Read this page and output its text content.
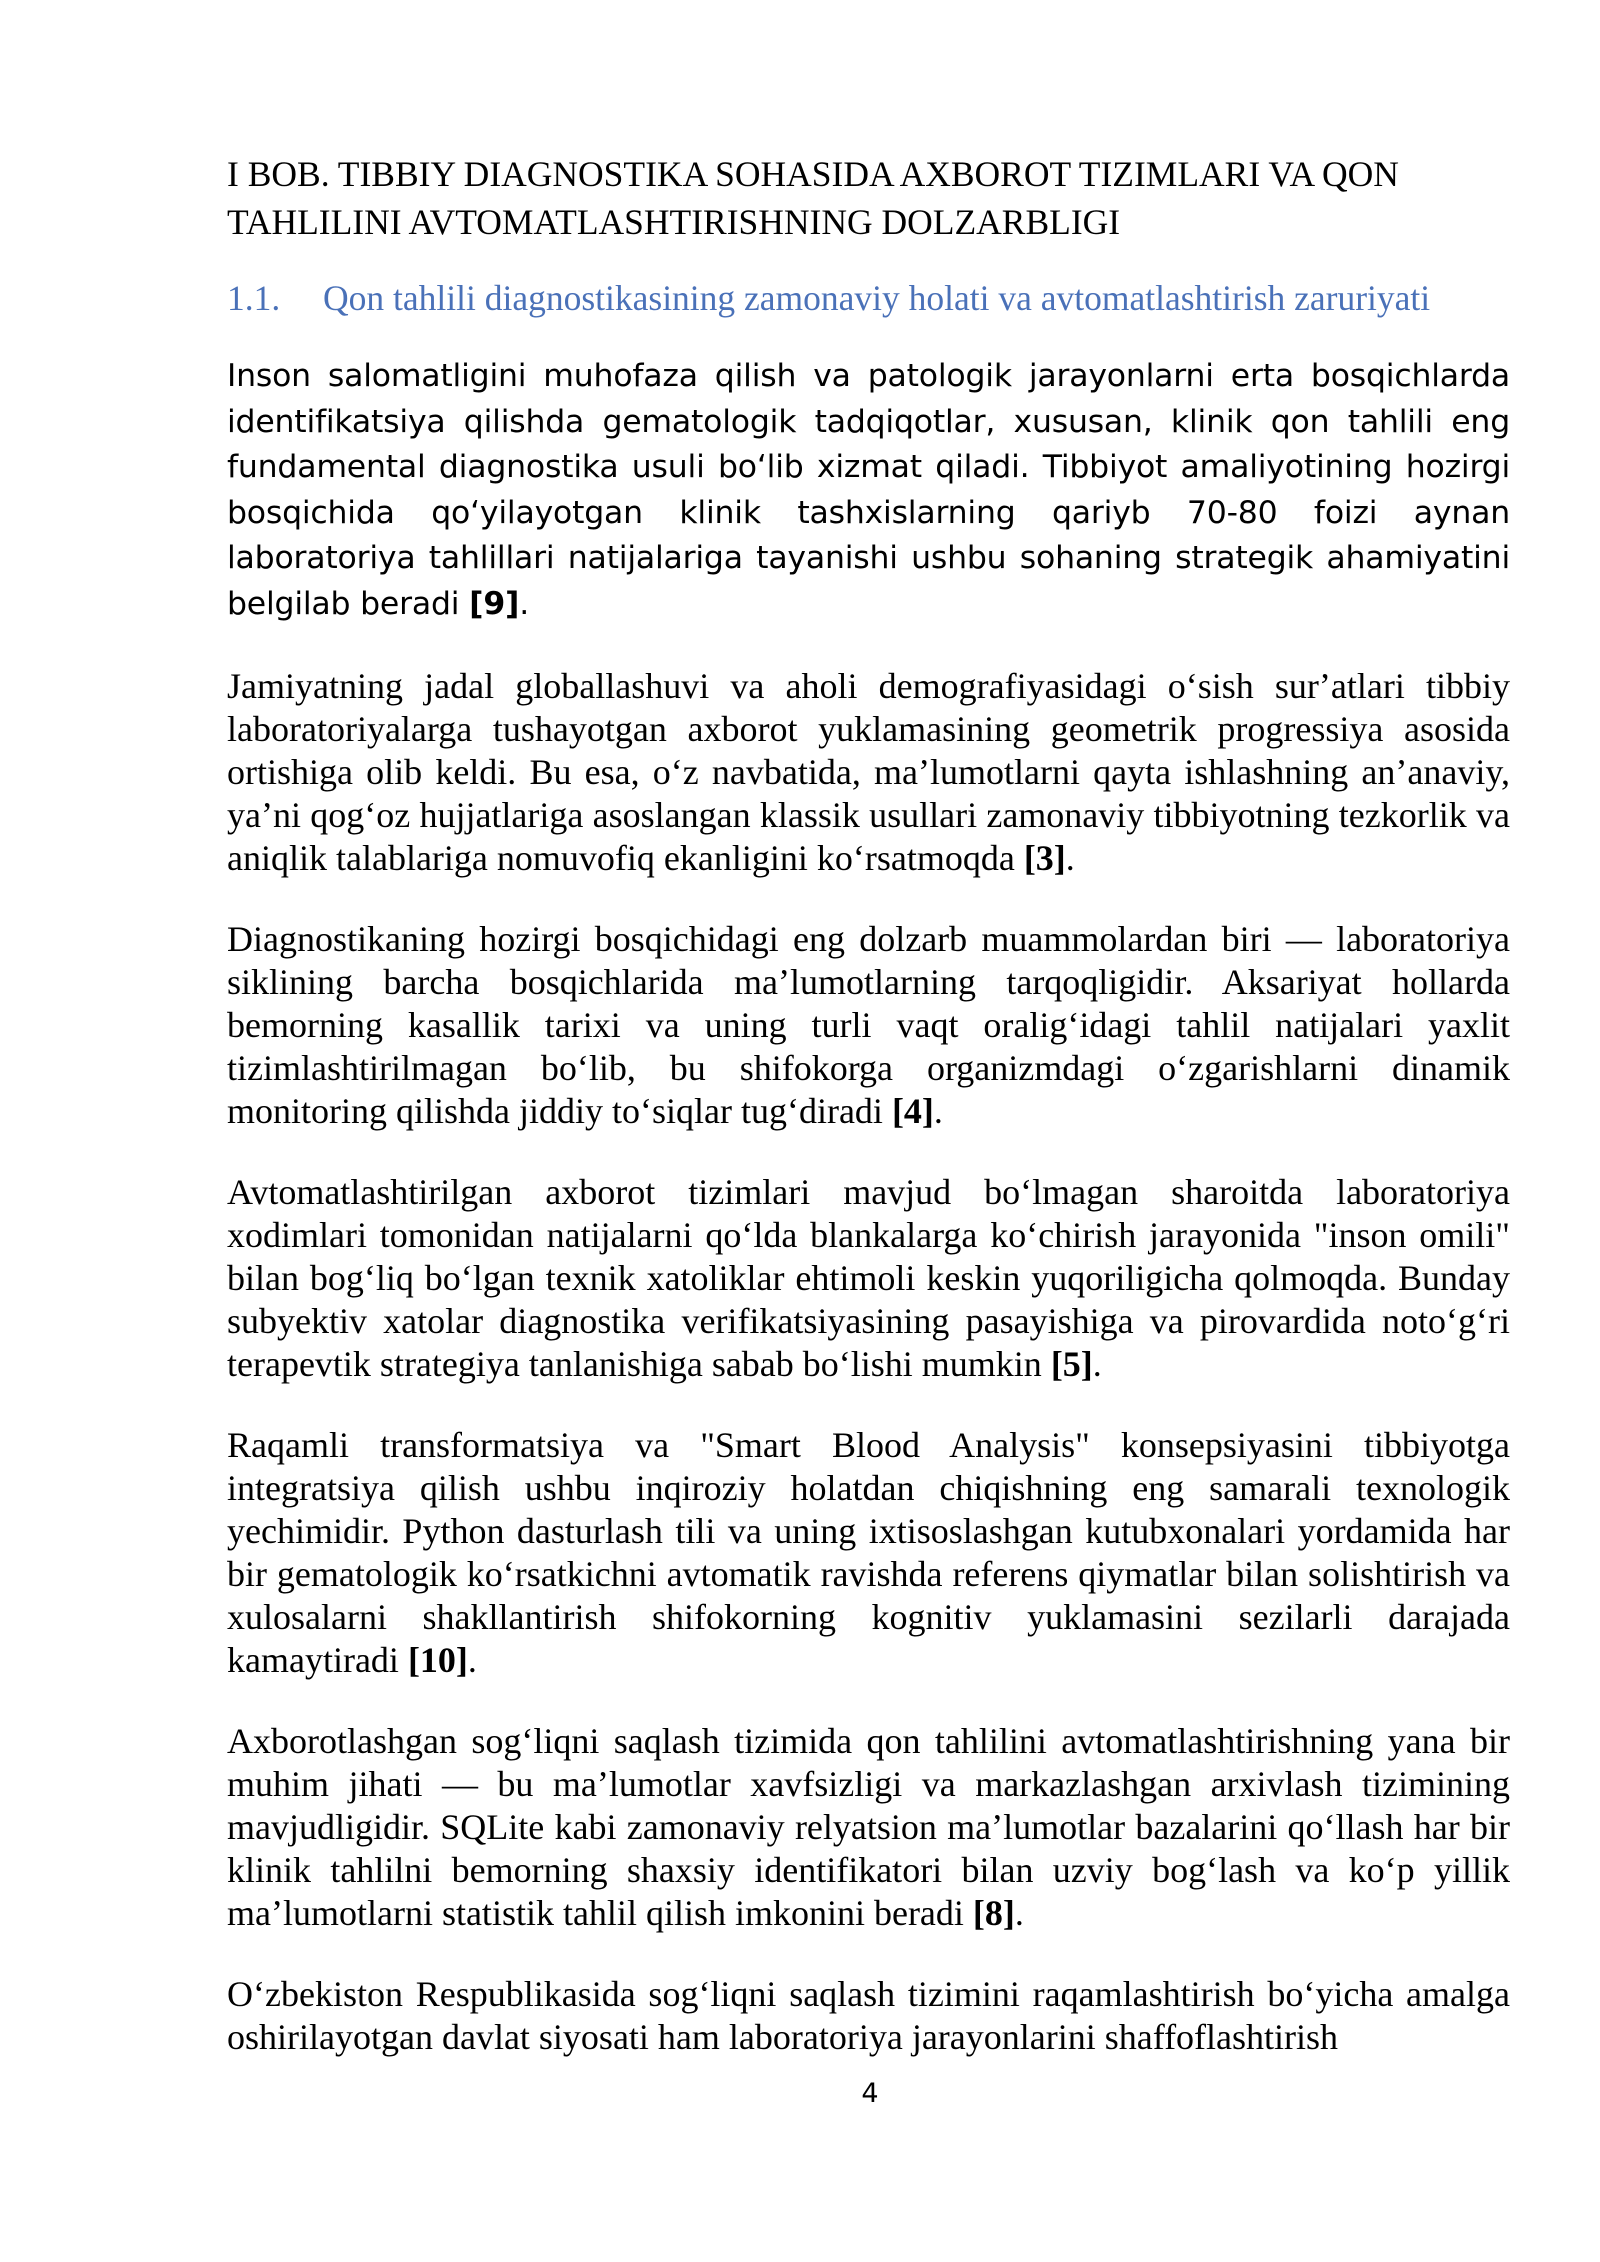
I BOB. TIBBIY DIAGNOSTIKA SOHASIDA AXBOROT TIZIMLARI VA QON TAHLILINI AVTOMATLASHTIRISHNING DOLZARBLIGI
1.1. Qon tahlili diagnostikasining zamonaviy holati va avtomatlashtirish zaruriyati

Inson salomatligini muhofaza qilish va patologik jarayonlarni erta bosqichlarda identifikatsiya qilishda gematologik tadqiqotlar, xususan, klinik qon tahlili eng fundamental diagnostika usuli boʻlib xizmat qiladi. Tibbiyot amaliyotining hozirgi bosqichida qoʻyilayotgan klinik tashxislarning qariyb 70-80 foizi aynan laboratoriya tahlillari natijalariga tayanishi ushbu sohaning strategik ahamiyatini belgilab beradi [9].

Jamiyatning jadal globallashuvi va aholi demografiyasidagi oʻsish surʼatlari tibbiy laboratoriyalarga tushayotgan axborot yuklamasining geometrik progressiya asosida ortishiga olib keldi. Bu esa, oʻz navbatida, maʼlumotlarni qayta ishlashning anʼanaviy, yaʼni qogʻoz hujjatlariga asoslangan klassik usullari zamonaviy tibbiyotning tezkorlik va aniqlik talablariga nomuvofiq ekanligini koʻrsatmoqda [3].

Diagnostikaning hozirgi bosqichidagi eng dolzarb muammolardan biri — laboratoriya siklining barcha bosqichlarida maʼlumotlarning tarqoqligidir. Aksariyat hollarda bemorning kasallik tarixi va uning turli vaqt oraligʻidagi tahlil natijalari yaxlit tizimlashtirilmagan boʻlib, bu shifokorga organizmdagi oʻzgarishlarni dinamik monitoring qilishda jiddiy toʻsiqlar tugʻdiradi [4].

Avtomatlashtirilgan axborot tizimlari mavjud boʻlmagan sharoitda laboratoriya xodimlari tomonidan natijalarni qoʻlda blankalarga koʻchirish jarayonida "inson omili" bilan bogʻliq boʻlgan texnik xatoliklar ehtimoli keskin yuqoriligicha qolmoqda. Bunday subyektiv xatolar diagnostika verifikatsiyasining pasayishiga va pirovardida notoʻgʻri terapevtik strategiya tanlanishiga sabab boʻlishi mumkin [5].

Raqamli transformatsiya va "Smart Blood Analysis" konsepsiyasini tibbiyotga integratsiya qilish ushbu inqiroziy holatdan chiqishning eng samarali texnologik yechimidir. Python dasturlash tili va uning ixtisoslashgan kutubxonalari yordamida har bir gematologik koʻrsatkichni avtomatik ravishda referens qiymatlar bilan solishtirish va xulosalarni shakllantirish shifokorning kognitiv yuklamasini sezilarli darajada kamaytiradi [10].

Axborotlashgan sogʻliqni saqlash tizimida qon tahlilini avtomatlashtirishning yana bir muhim jihati — bu maʼlumotlar xavfsizligi va markazlashgan arxivlash tizimining mavjudligidir. SQLite kabi zamonaviy relyatsion maʼlumotlar bazalarini qoʻllash har bir klinik tahlilni bemorning shaxsiy identifikatori bilan uzviy bogʻlash va koʻp yillik maʼlumotlarni statistik tahlil qilish imkonini beradi [8].

Oʻzbekiston Respublikasida sogʻliqni saqlash tizimini raqamlashtirish boʻyicha amalga oshirilayotgan davlat siyosati ham laboratoriya jarayonlarini shaffoflashtirish

4
